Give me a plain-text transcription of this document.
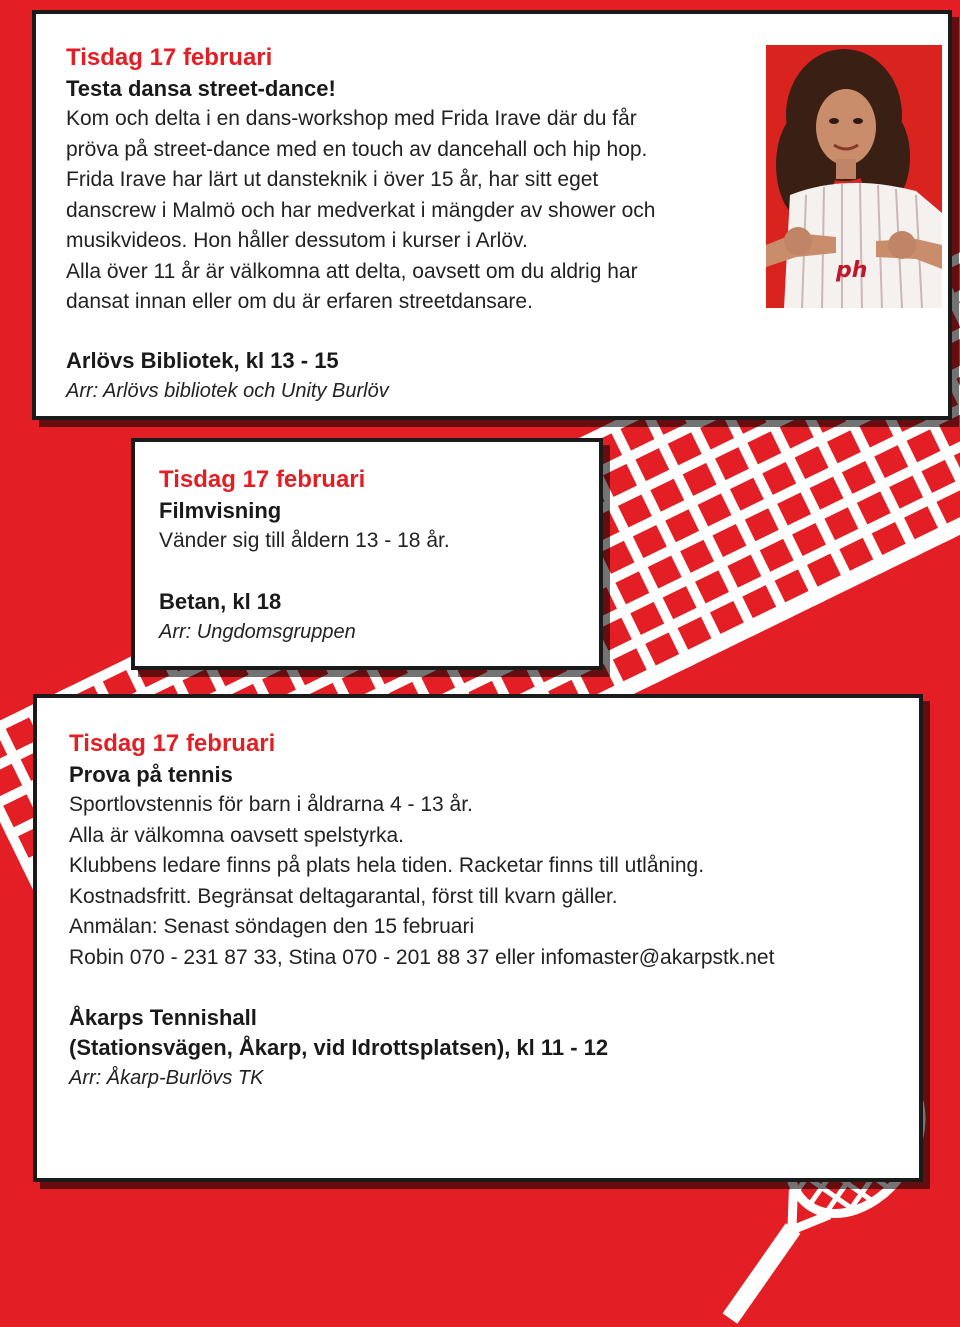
Tisdag 17 februari

Testa dansa street-dance!

Kom och delta i en dans-workshop med Frida Irave där du får

pröva på street-dance med en touch av dancehall och hip hop.

Frida Irave har lärt ut dansteknik i över 15 år, har sitt eget

danscrew i Malmö och har medverkat i mängder av shower och

musikvideos. Hon håller dessutom i kurser i Arlöv.

Alla över 11 år är välkomna att delta, oavsett om du aldrig har

dansat innan eller om du är erfaren streetdansare.

Arlövs Bibliotek, kl 13 - 15

Arr: Arlövs bibliotek och Unity Burlöv

ph

Tisdag 17 februari

Filmvisning

Vänder sig till åldern 13 - 18 år.

Betan, kl 18

Arr: Ungdomsgruppen

Tisdag 17 februari

Prova på tennis

Sportlovstennis för barn i åldrarna 4 - 13 år.

Alla är välkomna oavsett spelstyrka.

Klubbens ledare finns på plats hela tiden. Racketar finns till utlåning.

Kostnadsfritt. Begränsat deltagarantal, först till kvarn gäller.

Anmälan: Senast söndagen den 15 februari

Robin 070 - 231 87 33, Stina 070 - 201 88 37 eller infomaster@akarpstk.net

Åkarps Tennishall

(Stationsvägen, Åkarp, vid Idrottsplatsen), kl 11 - 12

Arr: Åkarp-Burlövs TK
